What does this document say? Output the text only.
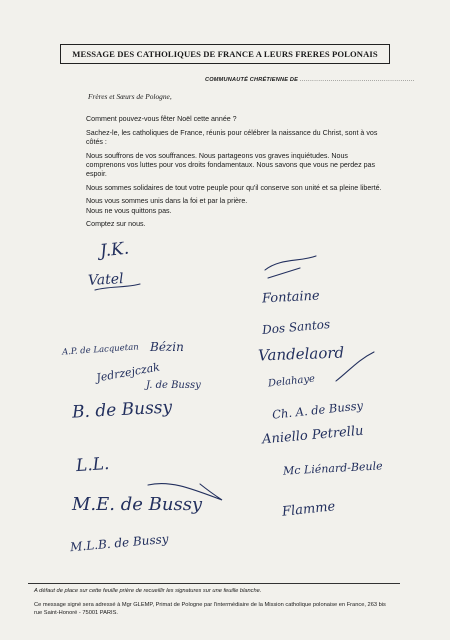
MESSAGE DES CATHOLIQUES DE FRANCE A LEURS FRERES POLONAIS
COMMUNAUTÉ CHRÉTIENNE DE ........................................................
Frères et Sœurs de Pologne,

Comment pouvez-vous fêter Noël cette année ?

Sachez-le, les catholiques de France, réunis pour célébrer la naissance du Christ, sont à vos côtés :

Nous souffrons de vos souffrances. Nous partageons vos graves inquiétudes. Nous comprenons vos luttes pour vos droits fondamentaux. Nous savons que vous ne perdez pas espoir.

Nous sommes solidaires de tout votre peuple pour qu'il conserve son unité et sa pleine liberté.

Nous vous sommes unis dans la foi et par la prière.
Nous ne vous quittons pas.

Comptez sur nous.

J.K.
Vatel
A.P. de Lacquetan Bézin
Jedrzejczak
B. de Bussy
J. de Bussy
L.L.
M.E. de Bussy
M.L.B. de Bussy
Dos Santos
Vandelaord
Delahaye
Ch. A. de Bussy
Aniello Petrellu
Mc Liénard-Beule
Flamme
Fontaine
A défaut de place sur cette feuille prière de recueillir les signatures sur une feuille blanche.
Ce message signé sera adressé à Mgr GLEMP, Primat de Pologne par l'intermédiaire de la Mission catholique polonaise en France, 263 bis rue Saint-Honoré - 75001 PARIS.
